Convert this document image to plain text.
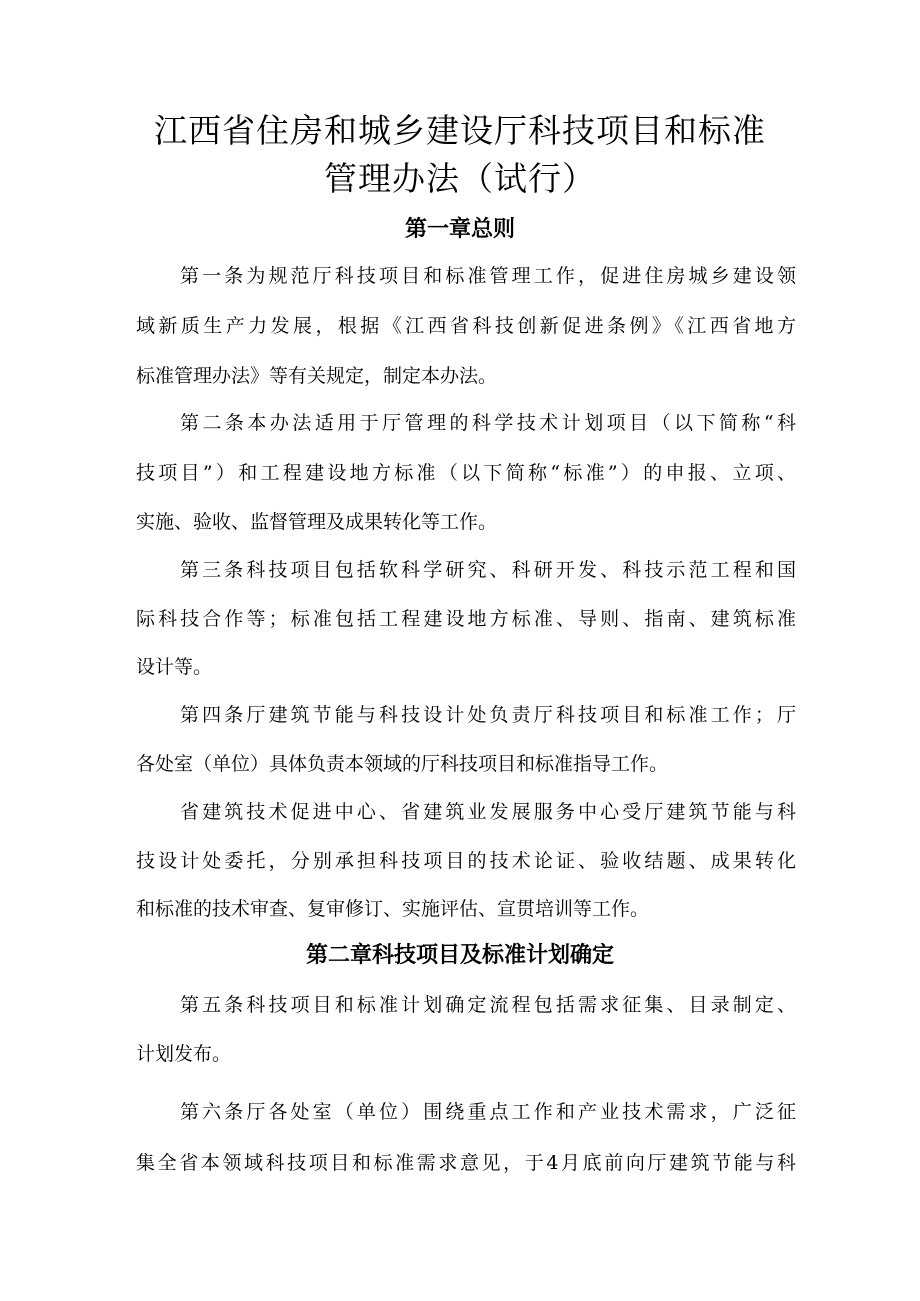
江西省住房和城乡建设厅科技项目和标准
管理办法（试行）
第一章总则

第一条为规范厅科技项目和标准管理工作，促进住房城乡建设领

域新质生产力发展，根据《江西省科技创新促进条例》《江西省地方

标准管理办法》等有关规定，制定本办法。

第二条本办法适用于厅管理的科学技术计划项目（以下简称“科

技项目”）和工程建设地方标准（以下简称“标准”）的申报、立项、

实施、验收、监督管理及成果转化等工作。

第三条科技项目包括软科学研究、科研开发、科技示范工程和国

际科技合作等；标准包括工程建设地方标准、导则、指南、建筑标准

设计等。

第四条厅建筑节能与科技设计处负责厅科技项目和标准工作；厅

各处室（单位）具体负责本领域的厅科技项目和标准指导工作。

省建筑技术促进中心、省建筑业发展服务中心受厅建筑节能与科

技设计处委托，分别承担科技项目的技术论证、验收结题、成果转化

和标准的技术审查、复审修订、实施评估、宣贯培训等工作。

第二章科技项目及标准计划确定

第五条科技项目和标准计划确定流程包括需求征集、目录制定、

计划发布。

第六条厅各处室（单位）围绕重点工作和产业技术需求，广泛征

集全省本领域科技项目和标准需求意见，于4月底前向厅建筑节能与科
